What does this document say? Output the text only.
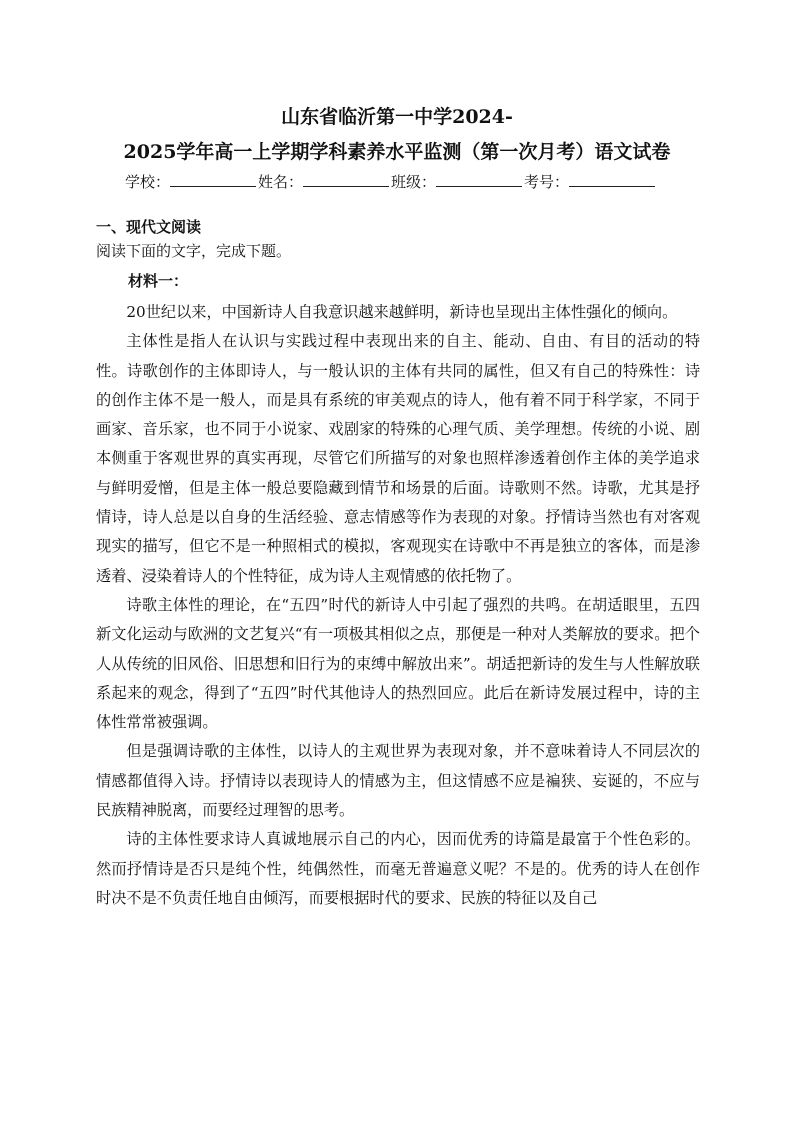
山东省临沂第一中学2024-
2025学年高一上学期学科素养水平监测（第一次月考）语文试卷
学校：	姓名：	班级：	考号：
一、现代文阅读
阅读下面的文字，完成下题。
材料一：

20世纪以来，中国新诗人自我意识越来越鲜明，新诗也呈现出主体性强化的倾向。

主体性是指人在认识与实践过程中表现出来的自主、能动、自由、有目的活动的特性。诗歌创作的主体即诗人，与一般认识的主体有共同的属性，但又有自己的特殊性：诗的创作主体不是一般人，而是具有系统的审美观点的诗人，他有着不同于科学家，不同于画家、音乐家，也不同于小说家、戏剧家的特殊的心理气质、美学理想。传统的小说、剧本侧重于客观世界的真实再现，尽管它们所描写的对象也照样渗透着创作主体的美学追求与鲜明爱憎，但是主体一般总要隐藏到情节和场景的后面。诗歌则不然。诗歌，尤其是抒情诗，诗人总是以自身的生活经验、意志情感等作为表现的对象。抒情诗当然也有对客观现实的描写，但它不是一种照相式的模拟，客观现实在诗歌中不再是独立的客体，而是渗透着、浸染着诗人的个性特征，成为诗人主观情感的依托物了。

诗歌主体性的理论，在“五四”时代的新诗人中引起了强烈的共鸣。在胡适眼里，五四新文化运动与欧洲的文艺复兴“有一项极其相似之点，那便是一种对人类解放的要求。把个人从传统的旧风俗、旧思想和旧行为的束缚中解放出来”。胡适把新诗的发生与人性解放联系起来的观念，得到了“五四”时代其他诗人的热烈回应。此后在新诗发展过程中，诗的主体性常常被强调。

但是强调诗歌的主体性，以诗人的主观世界为表现对象，并不意味着诗人不同层次的情感都值得入诗。抒情诗以表现诗人的情感为主，但这情感不应是褊狭、妄诞的，不应与民族精神脱离，而要经过理智的思考。

诗的主体性要求诗人真诚地展示自己的内心，因而优秀的诗篇是最富于个性色彩的。然而抒情诗是否只是纯个性，纯偶然性，而毫无普遍意义呢？不是的。优秀的诗人在创作时决不是不负责任地自由倾泻，而要根据时代的要求、民族的特征以及自己
